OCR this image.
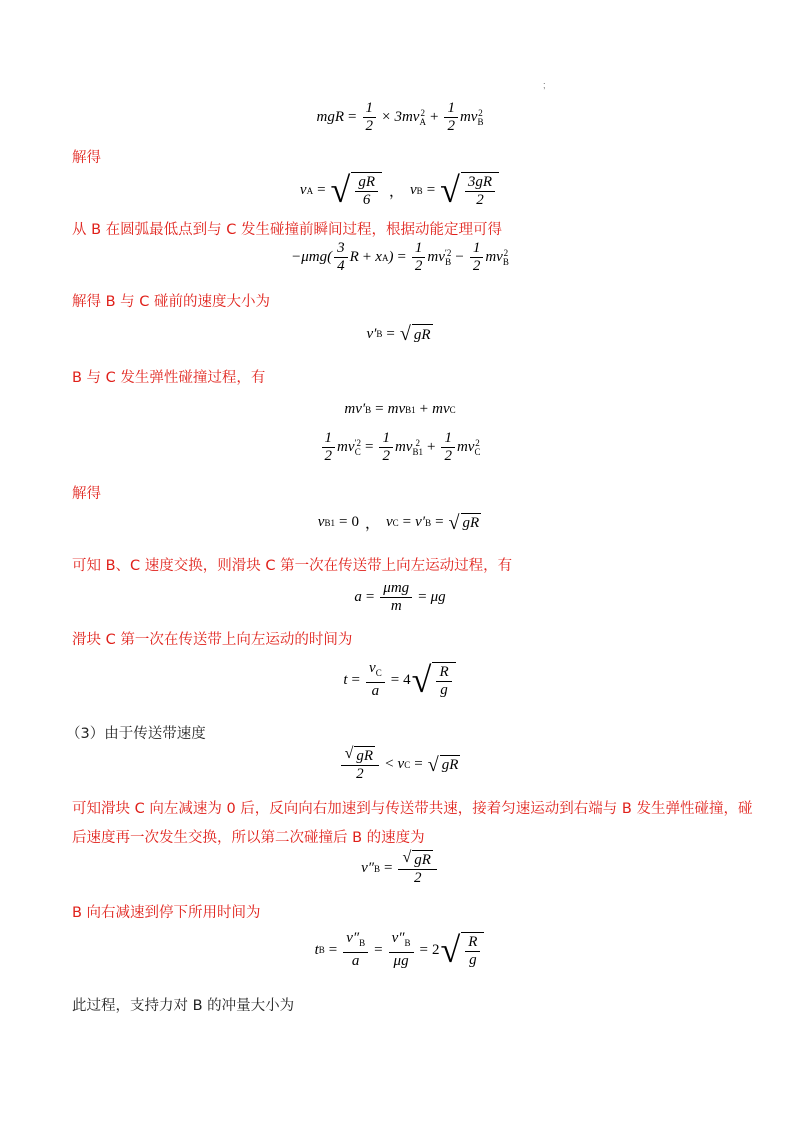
;
mgR = $\frac{1}{2} \times 3mv$ 2
$A + \frac{1}{2}$ mv 2
B
解得
v A = √ $\frac{gR}{6}$ ， v B = √ $\frac{3gR}{2}$
从 B 在圆弧最低点到与 C 发生碰撞前瞬间过程，根据动能定理可得
$-\mu mg( \frac{3}{4}$ R + x A ) = $\frac{1}{2}$ mv ′2
$B - \frac{1}{2}$ mv 2
B
解得 B 与 C 碰前的速度大小为
v′ B = √ gR
B 与 C 发生弹性碰撞过程，有
mv′ B = mv B1 + mv C
$\frac{1}{2}$ mv ′2
$C = \frac{1}{2}$ mv 2
$B1 + \frac{1}{2}$ mv 2
C
解得
v B1 = 0 ， v C = v′ B = √ gR
可知 B、C 速度交换，则滑块 C 第一次在传送带上向左运动过程，有
$a = \frac{\text{μmg}}{m} = \mu g$
滑块 C 第一次在传送带上向左运动的时间为
$t = \frac{v_C}{a} = 4$ √ $\frac{R}{g}$
（3）由于传送带速度
$\frac{√ gR}{2} < v$ C = √ gR
可知滑块 C 向左减速为 0 后，反向向右加速到与传送带共速，接着匀速运动到右端与 B 发生弹性碰撞，碰
后速度再一次发生交换，所以第二次碰撞后 B 的速度为
v″ $B = \frac{√ gR}{2}$
B 向右减速到停下所用时间为
t $B = \frac{v''_B}{a} = \frac{v''_B}{\mu g} = 2$ √ $\frac{R}{g}$
此过程，支持力对 B 的冲量大小为
